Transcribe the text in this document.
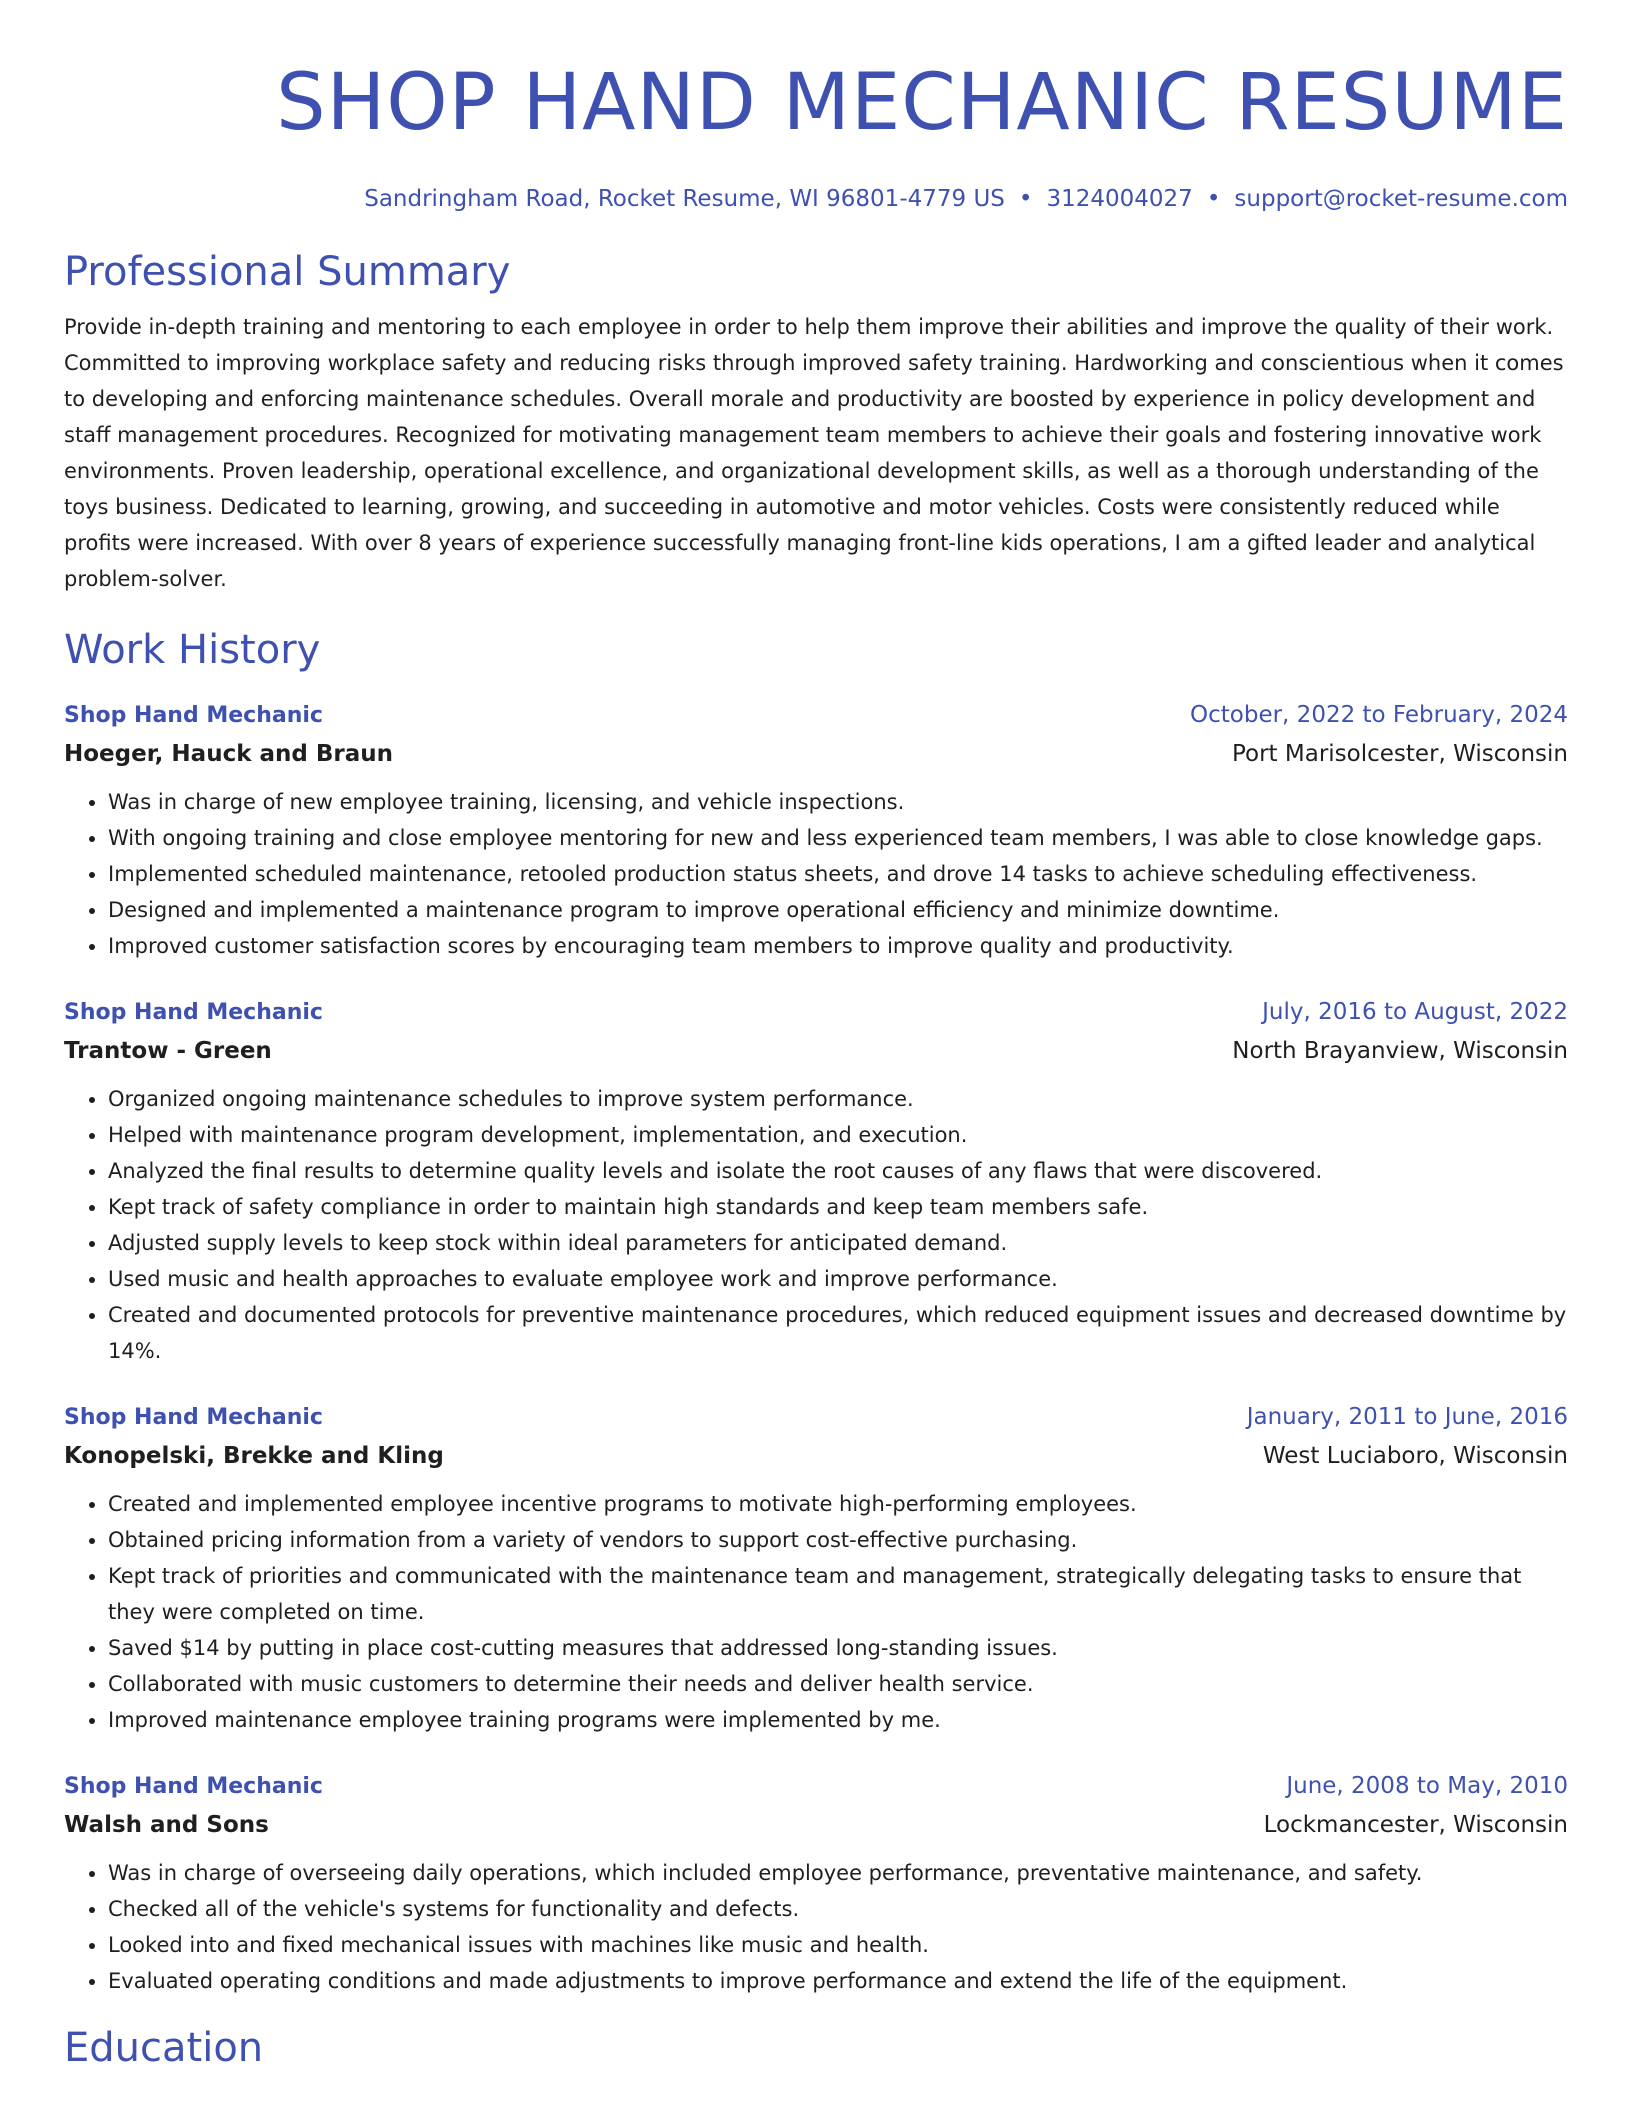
SHOP HAND MECHANIC RESUME
Sandringham Road, Rocket Resume, WI 96801-4779 US • 3124004027 • support@rocket-resume.com
Professional Summary
Provide in-depth training and mentoring to each employee in order to help them improve their abilities and improve the quality of their work. Committed to improving workplace safety and reducing risks through improved safety training. Hardworking and conscientious when it comes to developing and enforcing maintenance schedules. Overall morale and productivity are boosted by experience in policy development and staff management procedures. Recognized for motivating management team members to achieve their goals and fostering innovative work environments. Proven leadership, operational excellence, and organizational development skills, as well as a thorough understanding of the toys business. Dedicated to learning, growing, and succeeding in automotive and motor vehicles. Costs were consistently reduced while profits were increased. With over 8 years of experience successfully managing front-line kids operations, I am a gifted leader and analytical problem-solver.
Work History
Shop Hand Mechanic	October, 2022 to February, 2024
Hoeger, Hauck and Braun	Port Marisolcester, Wisconsin
• Was in charge of new employee training, licensing, and vehicle inspections.
• With ongoing training and close employee mentoring for new and less experienced team members, I was able to close knowledge gaps.
• Implemented scheduled maintenance, retooled production status sheets, and drove 14 tasks to achieve scheduling effectiveness.
• Designed and implemented a maintenance program to improve operational efficiency and minimize downtime.
• Improved customer satisfaction scores by encouraging team members to improve quality and productivity.
Shop Hand Mechanic	July, 2016 to August, 2022
Trantow - Green	North Brayanview, Wisconsin
• Organized ongoing maintenance schedules to improve system performance.
• Helped with maintenance program development, implementation, and execution.
• Analyzed the final results to determine quality levels and isolate the root causes of any flaws that were discovered.
• Kept track of safety compliance in order to maintain high standards and keep team members safe.
• Adjusted supply levels to keep stock within ideal parameters for anticipated demand.
• Used music and health approaches to evaluate employee work and improve performance.
• Created and documented protocols for preventive maintenance procedures, which reduced equipment issues and decreased downtime by 14%.
Shop Hand Mechanic	January, 2011 to June, 2016
Konopelski, Brekke and Kling	West Luciaboro, Wisconsin
• Created and implemented employee incentive programs to motivate high-performing employees.
• Obtained pricing information from a variety of vendors to support cost-effective purchasing.
• Kept track of priorities and communicated with the maintenance team and management, strategically delegating tasks to ensure that they were completed on time.
• Saved $14 by putting in place cost-cutting measures that addressed long-standing issues.
• Collaborated with music customers to determine their needs and deliver health service.
• Improved maintenance employee training programs were implemented by me.
Shop Hand Mechanic	June, 2008 to May, 2010
Walsh and Sons	Lockmancester, Wisconsin
• Was in charge of overseeing daily operations, which included employee performance, preventative maintenance, and safety.
• Checked all of the vehicle's systems for functionality and defects.
• Looked into and fixed mechanical issues with machines like music and health.
• Evaluated operating conditions and made adjustments to improve performance and extend the life of the equipment.
Education
